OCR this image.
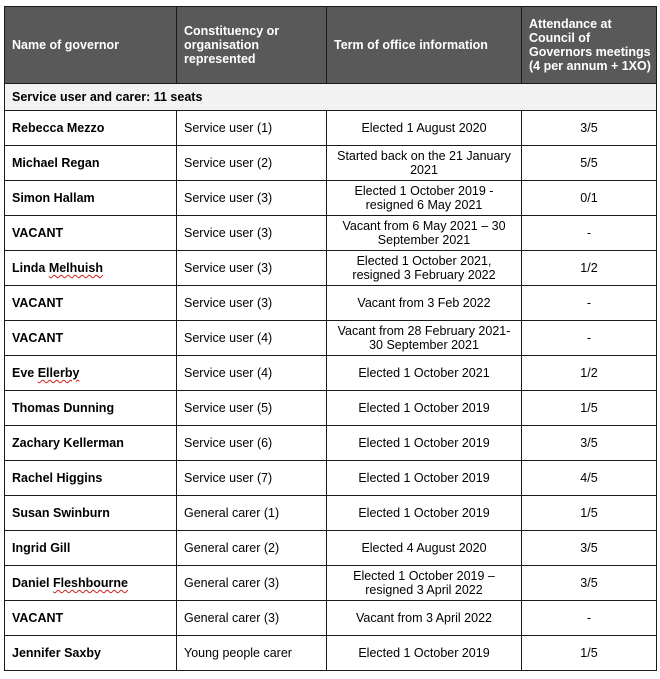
Name of governor	Constituency or organisation represented	Term of office information	Attendance at Council of Governors meetings (4 per annum + 1XO)
Service user and carer: 11 seats			
Rebecca Mezzo	Service user (1)	Elected 1 August 2020	3/5
Michael Regan	Service user (2)	Started back on the 21 January 2021	5/5
Simon Hallam	Service user (3)	Elected 1 October 2019 - resigned 6 May 2021	0/1
VACANT	Service user (3)	Vacant from 6 May 2021 – 30 September 2021	-
Linda Melhuish	Service user (3)	Elected 1 October 2021, resigned 3 February 2022	1/2
VACANT	Service user (3)	Vacant from 3 Feb 2022	-
VACANT	Service user (4)	Vacant from 28 February 2021- 30 September 2021	-
Eve Ellerby	Service user (4)	Elected 1 October 2021	1/2
Thomas Dunning	Service user (5)	Elected 1 October 2019	1/5
Zachary Kellerman	Service user (6)	Elected 1 October 2019	3/5
Rachel Higgins	Service user (7)	Elected 1 October 2019	4/5
Susan Swinburn	General carer (1)	Elected 1 October 2019	1/5
Ingrid Gill	General carer (2)	Elected 4 August 2020	3/5
Daniel Fleshbourne	General carer (3)	Elected 1 October 2019 – resigned 3 April 2022	3/5
VACANT	General carer (3)	Vacant from 3 April 2022	-
Jennifer Saxby	Young people carer	Elected 1 October 2019	1/5
